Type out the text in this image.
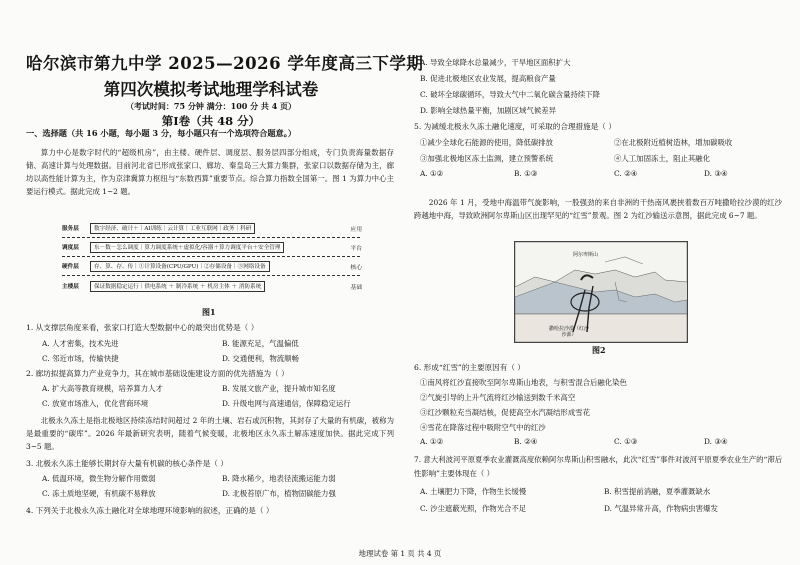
哈尔滨市第九中学 2025—2026 学年度高三下学期
第四次模拟考试地理学科试卷
（考试时间：75 分钟 满分：100 分 共 4 页）
第Ⅰ卷（共 48 分）
一、选择题（共 16 小题，每小题 3 分，每小题只有一个选项符合题意。）
算力中心是数字时代的“超级机房”，由主楼、硬件层、调度层、服务层四部分组成，专门负责海量数据存储、高速计算与处理数据。目前河北省已形成张家口、廊坊、秦皇岛三大算力集群，张家口以数据存储为主，廊坊以高性能计算为主，作为京津冀算力枢纽与“东数西算”重要节点。综合算力指数全国第一。图 1 为算力中心主要运行模式。据此完成 1~2 题。
服务层	数字经济、破计＋｜AI训练｜云计算｜工业互联网｜政务｜科研	应用
调度层	东－数－怎么调度｜算力调度系统＋虚拟化/容器＋算力调度平台＋安全管理	平台
硬件层	存、算、存、传｜①计算设备(CPU/GPU)｜②存储设备｜③网络设备	核心
主楼层	保证数据稳定运行｜供电系统 ＋ 制冷系统 ＋ 机房主体 ＋ 消防系统	基础
图1
1. 从支撑层角度来看，张家口打造大型数据中心的最突出优势是（ ）
A. 人才密集，技术先进	B. 能源充足，气温偏低
C. 邻近市场，传输快捷	D. 交通便利，物流顺畅
2. 廊坊拟提高算力产业竞争力，其在城市基础设施建设方面的优先措施为（ ）
A. 扩大高等教育规模，培养算力人才	B. 发展文旅产业，提升城市知名度
C. 放宽市场准入，优化营商环境	D. 升级电网与高速通信，保障稳定运行
北极永久冻土是指北极地区持续冻结时间超过 2 年的土壤、岩石或沉积物，其封存了大量的有机碳，被称为是最重要的“碳库”。2026 年最新研究表明，随着气候变暖，北极地区永久冻土解冻速度加快。据此完成下列 3~5 题。
3. 北极永久冻土能够长期封存大量有机碳的核心条件是（ ）
A. 低温环境，微生物分解作用微弱	B. 降水稀少，地表径流搬运能力弱
C. 冻土质地坚硬，有机碳不易释放	D. 北极苔原广布，植物固碳能力强
4. 下列关于北极永久冻土融化对全球地理环境影响的叙述，正确的是（ ）
A. 导致全球降水总量减少，干旱地区面积扩大
B. 促进北极地区农业发展，提高粮食产量
C. 破坏全球碳循环，导致大气中二氧化碳含量持续下降
D. 影响全球热量平衡，加剧区域气候差异
5. 为减缓北极永久冻土融化速度，可采取的合理措施是（ ）
①减少全球化石能源的使用，降低碳排放	②在北极附近植树造林，增加碳吸收
③加强北极地区冻土监测，建立预警系统	④人工加固冻土，阻止其融化
A. ①②	B. ①③	C. ②④	D. ③④
2026 年 1 月，受地中海温带气旋影响，一股强劲的来自非洲的干热南风裹挟着数百万吨撒哈拉沙漠的红沙跨越地中海，导致欧洲阿尔卑斯山区出现罕见的“红雪”景观。图 2 为红沙输送示意图，据此完成 6~7 题。
阿尔卑斯山
撒哈拉沙漠（红沙沙源）
图2
6. 形成“红雪”的主要原因有（ ）
①南风将红沙直接吹至阿尔卑斯山地表，与积雪混合后融化染色
②气旋引导的上升气流将红沙输送到数千米高空
③红沙颗粒充当凝结核，促使高空水汽凝结形成雪花
④雪花在降落过程中吸附空气中的红沙
A. ①②	B. ②④	C. ①③	D. ③④
7. 意大利波河平原夏季农业灌溉高度依赖阿尔卑斯山积雪融水，此次“红雪”事件对波河平原夏季农业生产的“滞后性影响”主要体现在（ ）
A. 土壤肥力下降，作物生长缓慢	B. 积雪提前消融，夏季灌溉缺水
C. 沙尘遮蔽光照，作物光合不足	D. 气温异常升高，作物病虫害爆发
地理试卷 第 1 页 共 4 页
